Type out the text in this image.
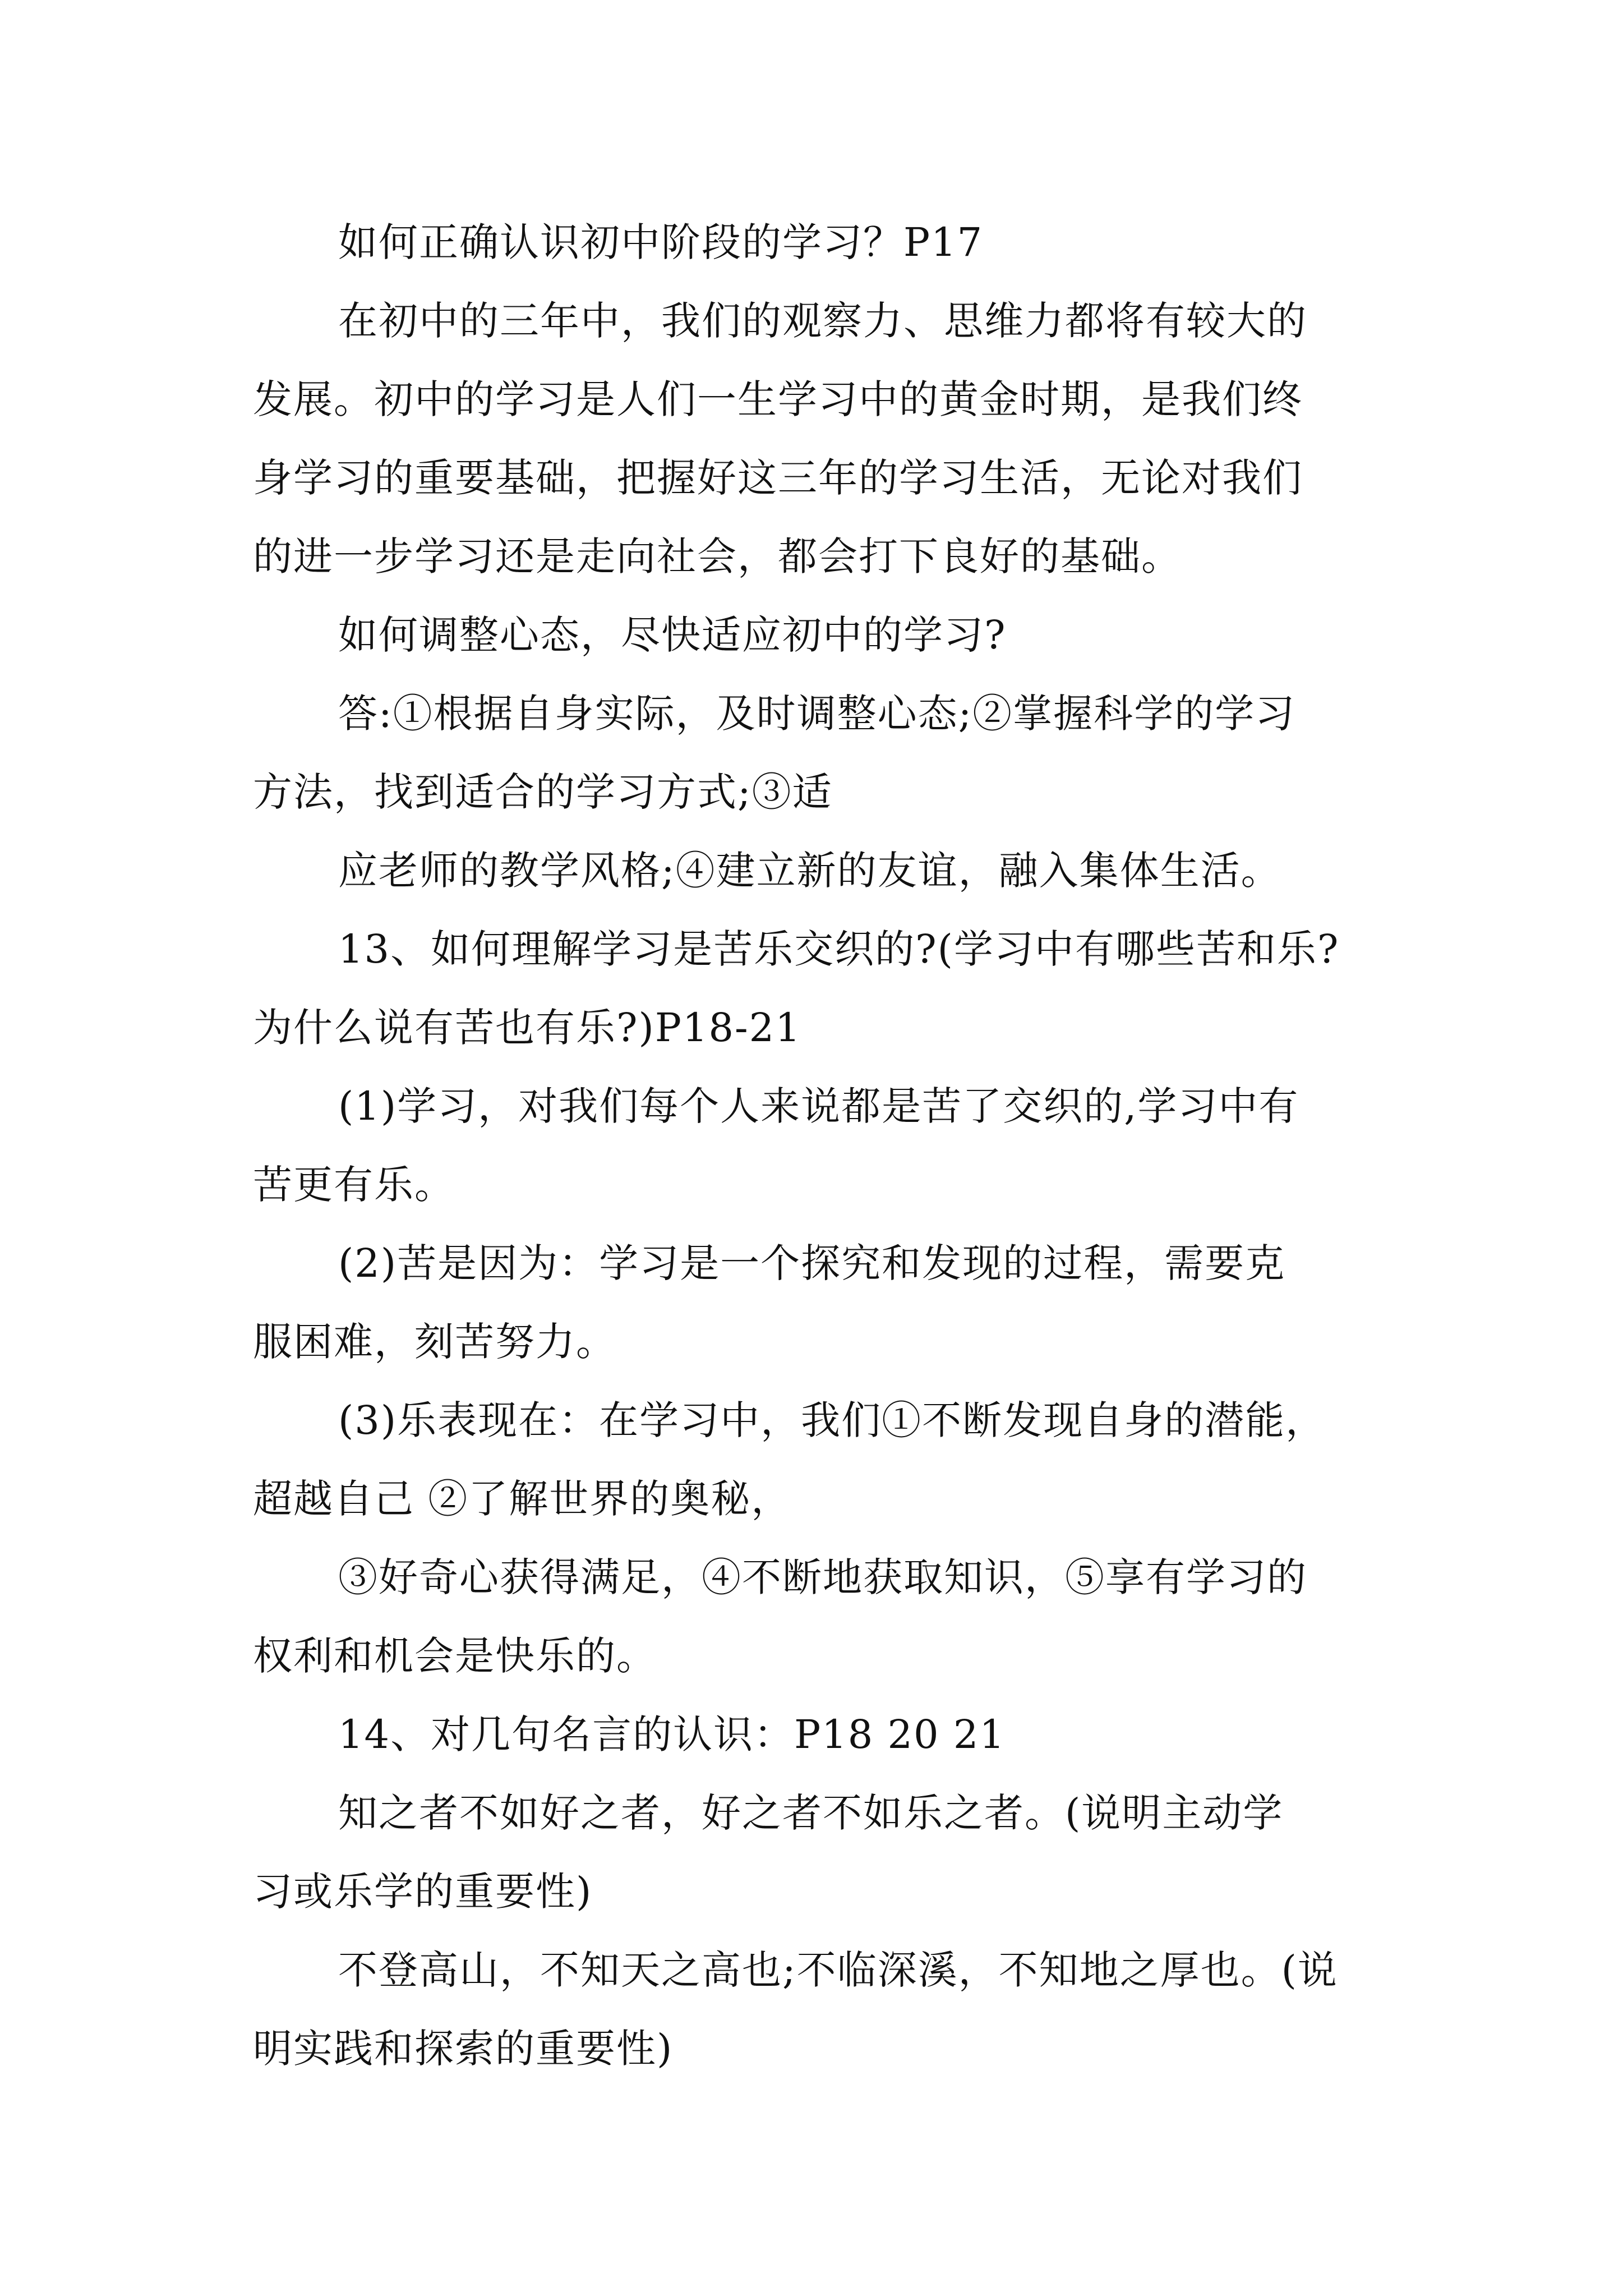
如何正确认识初中阶段的学习？P17
在初中的三年中，我们的观察力、思维力都将有较大的
发展。初中的学习是人们一生学习中的黄金时期，是我们终
身学习的重要基础，把握好这三年的学习生活，无论对我们
的进一步学习还是走向社会，都会打下良好的基础。
如何调整心态，尽快适应初中的学习?
答:①根据自身实际，及时调整心态;②掌握科学的学习
方法，找到适合的学习方式;③适
应老师的教学风格;④建立新的友谊，融入集体生活。
13、如何理解学习是苦乐交织的?(学习中有哪些苦和乐?
为什么说有苦也有乐?)P18-21
(1)学习，对我们每个人来说都是苦了交织的,学习中有
苦更有乐。
(2)苦是因为：学习是一个探究和发现的过程，需要克
服困难，刻苦努力。
(3)乐表现在：在学习中，我们①不断发现自身的潜能，
超越自己 ②了解世界的奥秘，
③好奇心获得满足，④不断地获取知识，⑤享有学习的
权利和机会是快乐的。
14、对几句名言的认识：P18 20 21
知之者不如好之者，好之者不如乐之者。(说明主动学
习或乐学的重要性)
不登高山，不知天之高也;不临深溪，不知地之厚也。(说
明实践和探索的重要性)
